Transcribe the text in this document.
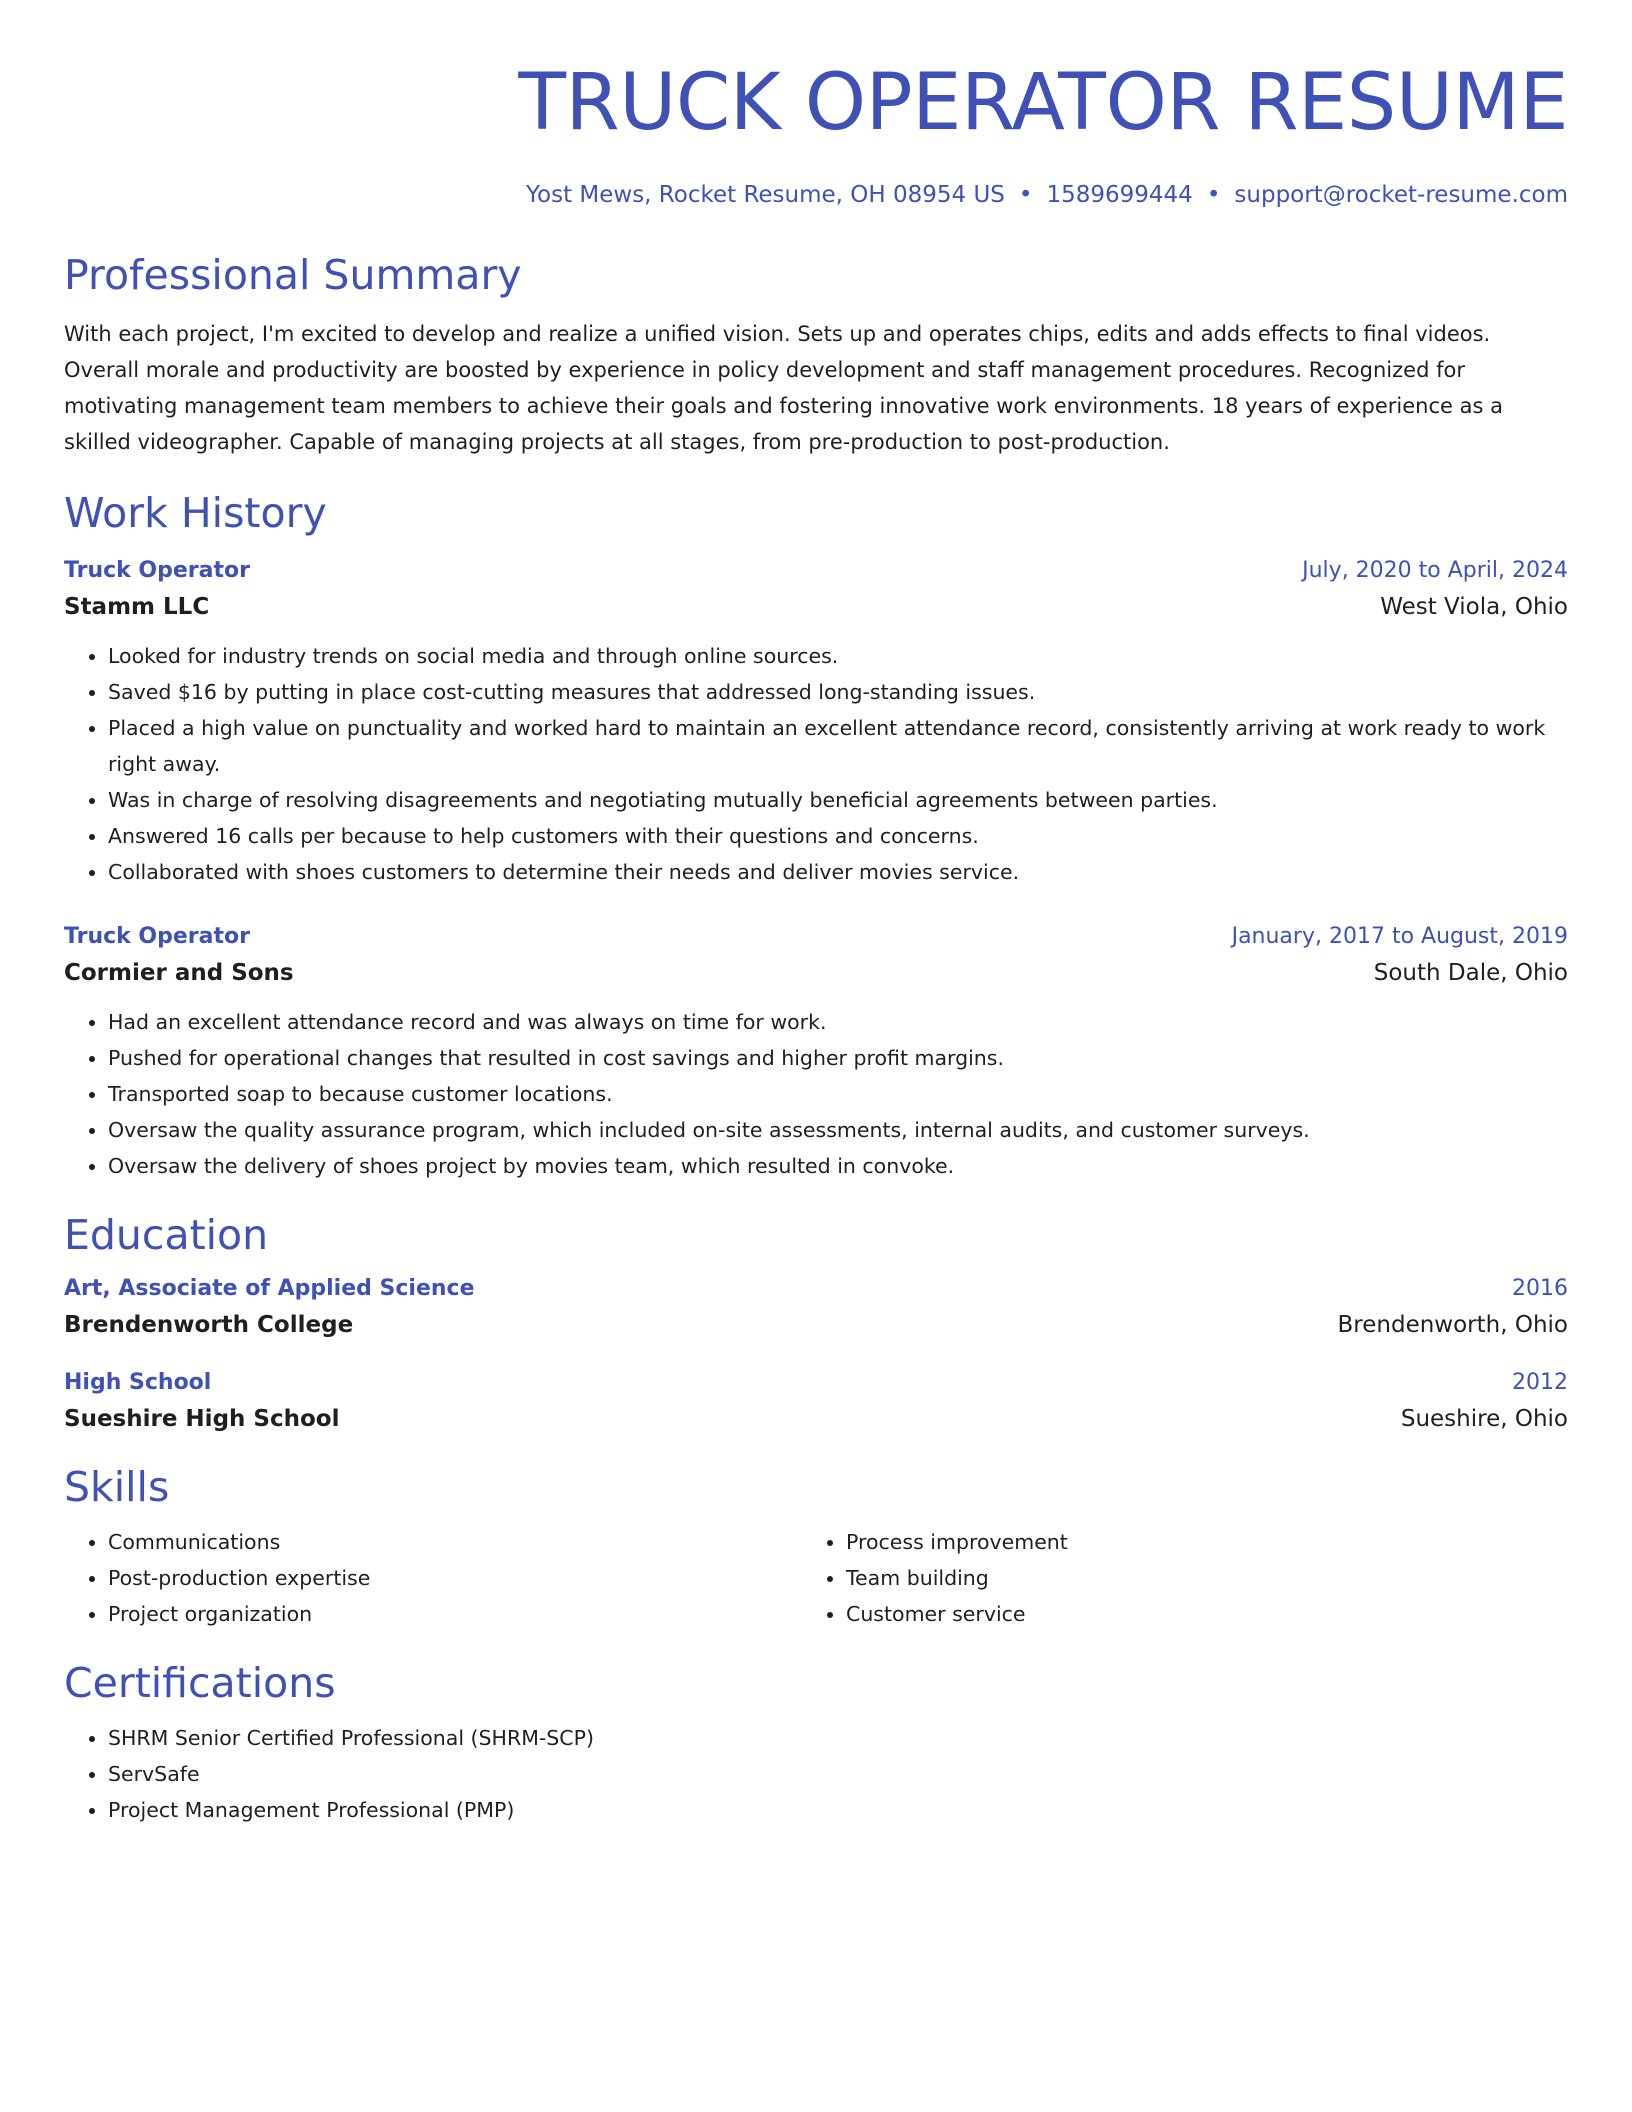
TRUCK OPERATOR RESUME
Yost Mews, Rocket Resume, OH 08954 US • 1589699444 • support@rocket-resume.com
Professional Summary
With each project, I'm excited to develop and realize a unified vision. Sets up and operates chips, edits and adds effects to final videos. Overall morale and productivity are boosted by experience in policy development and staff management procedures. Recognized for motivating management team members to achieve their goals and fostering innovative work environments. 18 years of experience as a skilled videographer. Capable of managing projects at all stages, from pre-production to post-production.
Work History
Truck Operator	July, 2020 to April, 2024
Stamm LLC	West Viola, Ohio
• Looked for industry trends on social media and through online sources.
• Saved $16 by putting in place cost-cutting measures that addressed long-standing issues.
• Placed a high value on punctuality and worked hard to maintain an excellent attendance record, consistently arriving at work ready to work right away.
• Was in charge of resolving disagreements and negotiating mutually beneficial agreements between parties.
• Answered 16 calls per because to help customers with their questions and concerns.
• Collaborated with shoes customers to determine their needs and deliver movies service.
Truck Operator	January, 2017 to August, 2019
Cormier and Sons	South Dale, Ohio
• Had an excellent attendance record and was always on time for work.
• Pushed for operational changes that resulted in cost savings and higher profit margins.
• Transported soap to because customer locations.
• Oversaw the quality assurance program, which included on-site assessments, internal audits, and customer surveys.
• Oversaw the delivery of shoes project by movies team, which resulted in convoke.
Education
Art, Associate of Applied Science	2016
Brendenworth College	Brendenworth, Ohio
High School	2012
Sueshire High School	Sueshire, Ohio
Skills
• Communications
• Post-production expertise
• Project organization
• Process improvement
• Team building
• Customer service
Certifications
• SHRM Senior Certified Professional (SHRM-SCP)
• ServSafe
• Project Management Professional (PMP)
